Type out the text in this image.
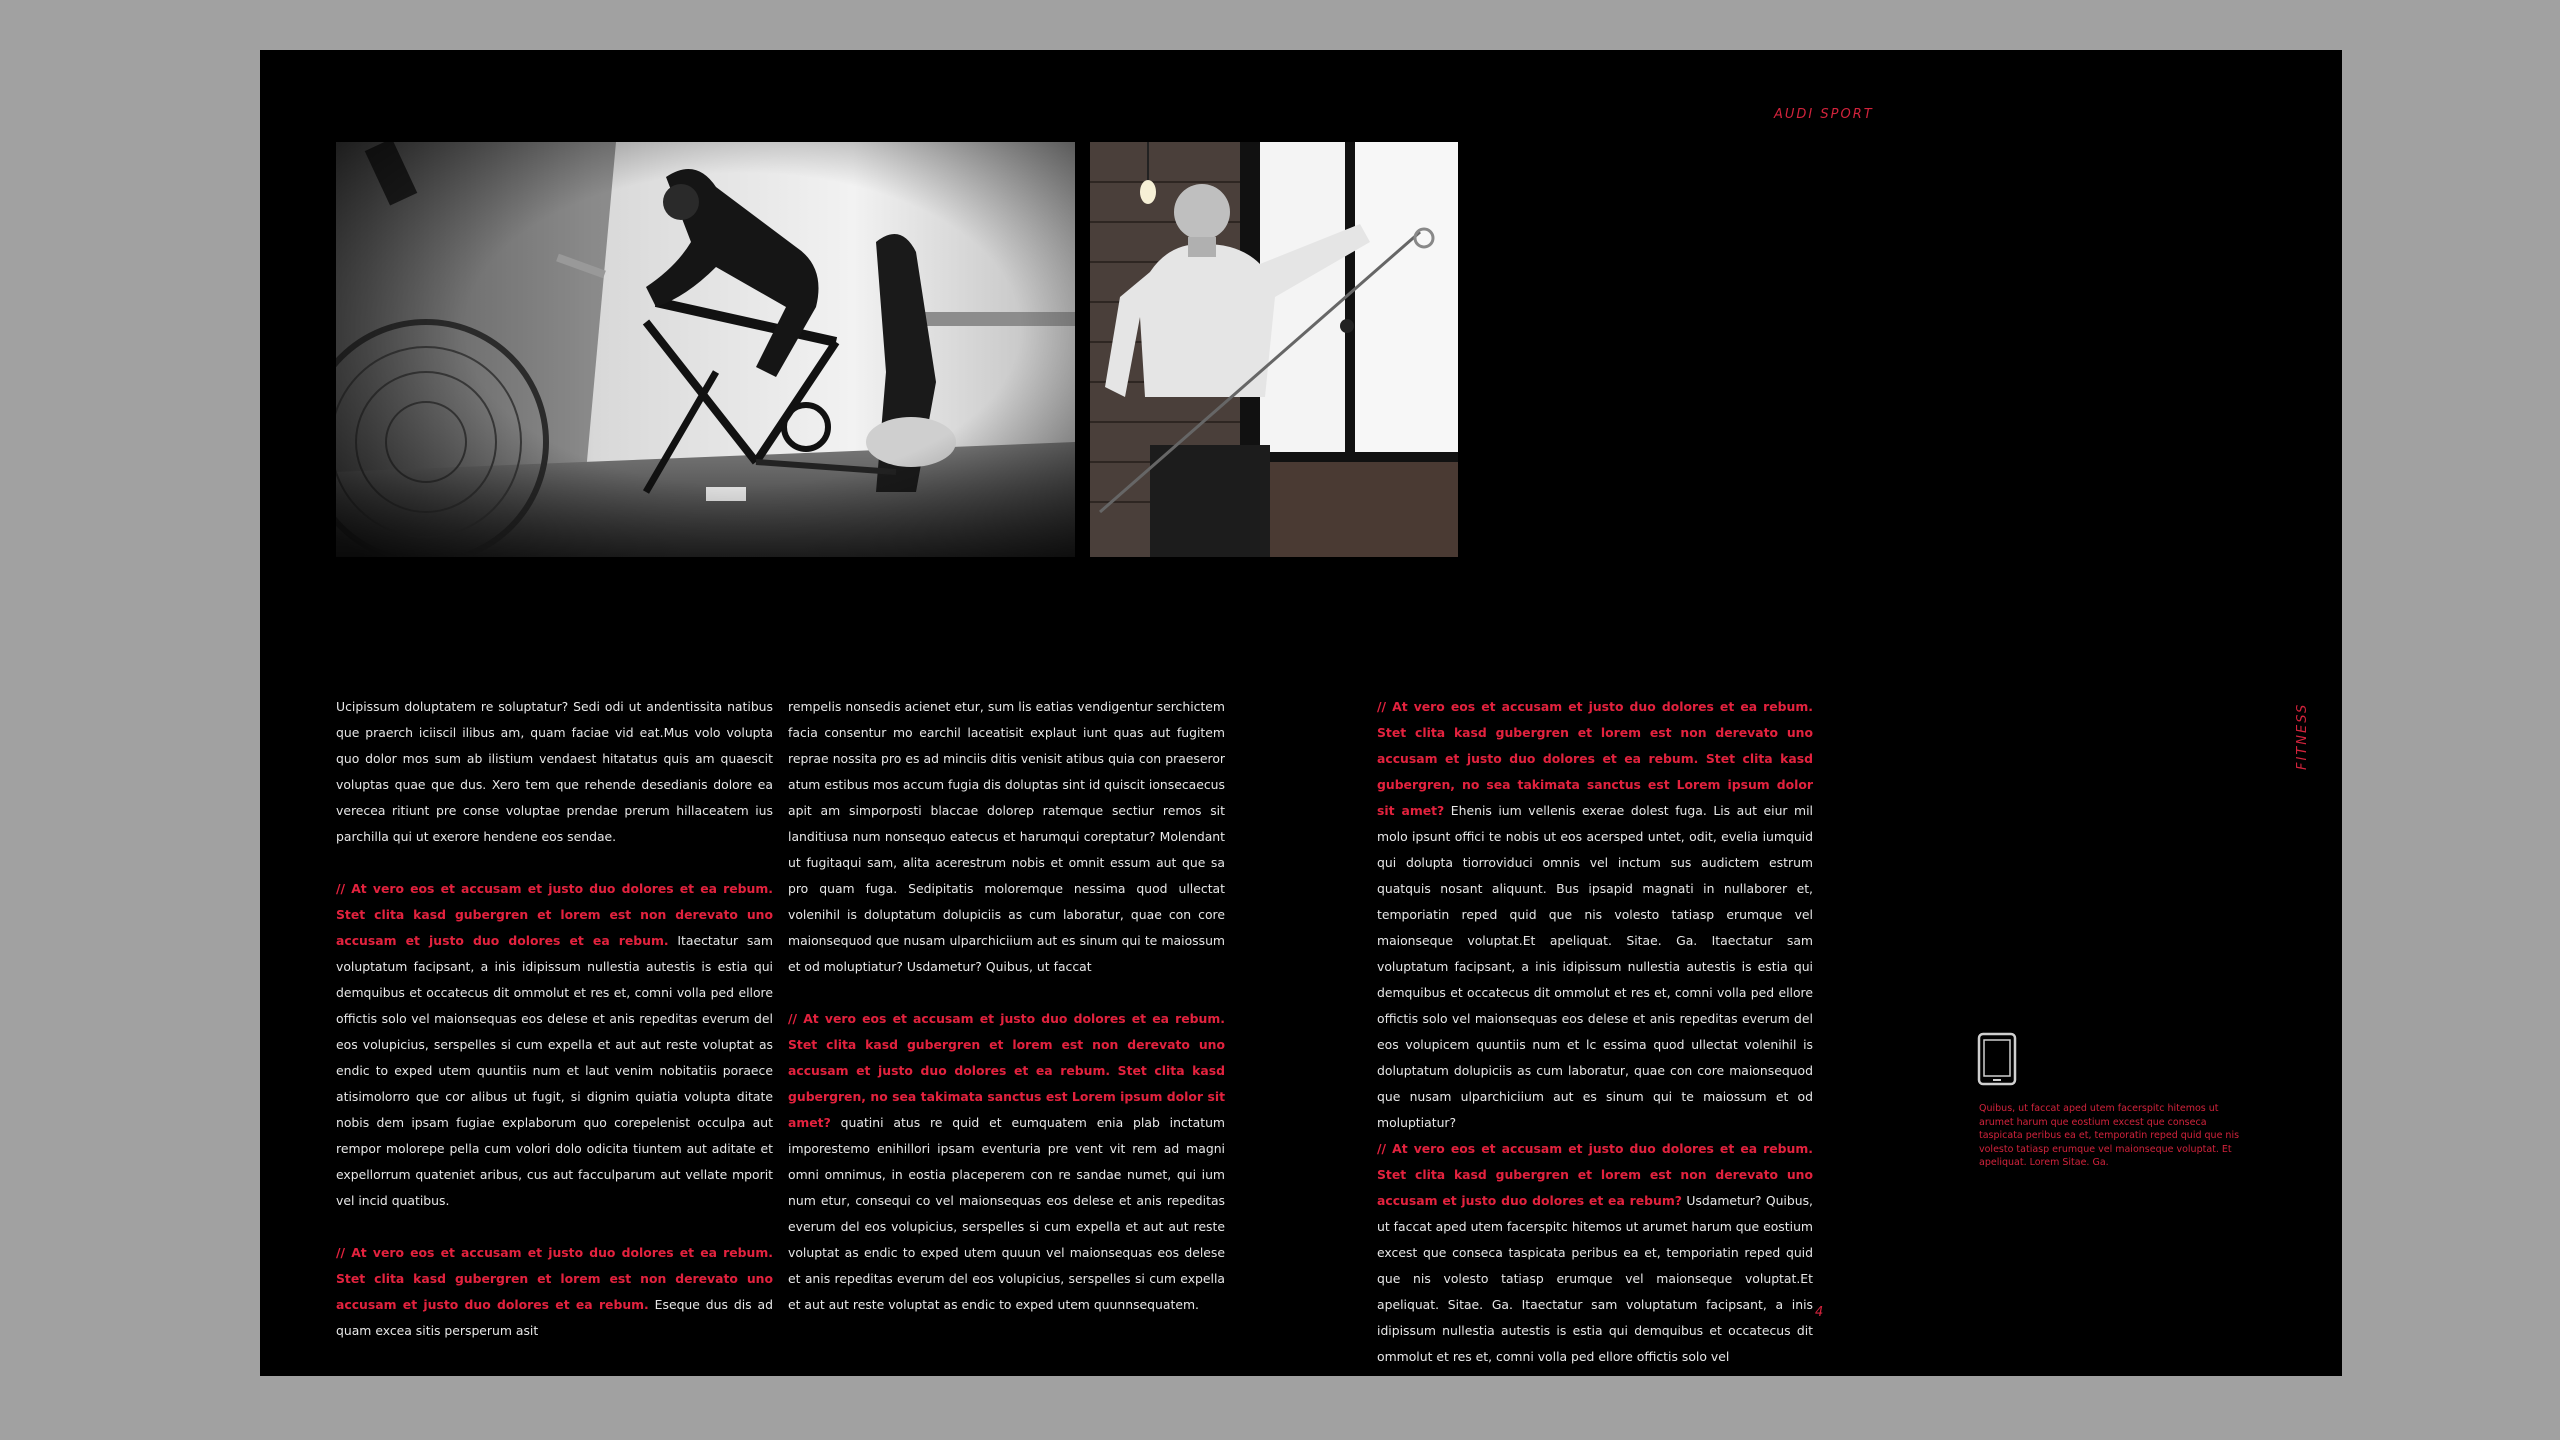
AUDI SPORT

Ucipissum doluptatem re soluptatur? Sedi odi ut andentissita natibus que praerch iciiscil ilibus am, quam faciae vid eat.Mus volo volupta quo dolor mos sum ab ilistium vendaest hitatatus quis am quaescit voluptas quae que dus. Xero tem que rehende desedianis dolore ea verecea ritiunt pre conse voluptae prendae prerum hillaceatem ius parchilla qui ut exerore hendene eos sendae.

// At vero eos et accusam et justo duo dolores et ea rebum. Stet clita kasd gubergren et lorem est non derevato uno accusam et justo duo dolores et ea rebum. Itaectatur sam voluptatum facipsant, a inis idipissum nullestia autestis is estia qui demquibus et occatecus dit ommolut et res et, comni volla ped ellore offictis solo vel maionsequas eos delese et anis repeditas everum del eos volupicius, serspelles si cum expella et aut aut reste voluptat as endic to exped utem quuntiis num et laut venim nobitatiis poraece atisimolorro que cor alibus ut fugit, si dignim quiatia volupta ditate nobis dem ipsam fugiae explaborum quo corepelenist occulpa aut rempor molorepe pella cum volori dolo odicita tiuntem aut aditate et expellorrum quateniet aribus, cus aut facculparum aut vellate mporit vel incid quatibus.

// At vero eos et accusam et justo duo dolores et ea rebum. Stet clita kasd gubergren et lorem est non derevato uno accusam et justo duo dolores et ea rebum. Eseque dus dis ad quam excea sitis persperum asit

rempelis nonsedis acienet etur, sum lis eatias vendigentur serchictem facia consentur mo earchil laceatisit explaut iunt quas aut fugitem reprae nossita pro es ad minciis ditis venisit atibus quia con praeseror atum estibus mos accum fugia dis doluptas sint id quiscit ionsecaecus apit am simporposti blaccae dolorep ratemque sectiur remos sit landitiusa num nonsequo eatecus et harumqui coreptatur? Molendant ut fugitaqui sam, alita acerestrum nobis et omnit essum aut que sa pro quam fuga. Sedipitatis moloremque nessima quod ullectat volenihil is doluptatum dolupiciis as cum laboratur, quae con core maionsequod que nusam ulparchiciium aut es sinum qui te maiossum et od moluptiatur? Usdametur? Quibus, ut faccat

// At vero eos et accusam et justo duo dolores et ea rebum. Stet clita kasd gubergren et lorem est non derevato uno accusam et justo duo dolores et ea rebum. Stet clita kasd gubergren, no sea takimata sanctus est Lorem ipsum dolor sit amet? quatini atus re quid et eumquatem enia plab inctatum imporestemo enihillori ipsam eventuria pre vent vit rem ad magni omni omnimus, in eostia placeperem con re sandae numet, qui ium num etur, consequi co vel maionsequas eos delese et anis repeditas everum del eos volupicius, serspelles si cum expella et aut aut reste voluptat as endic to exped utem quuun vel maionsequas eos delese et anis repeditas everum del eos volupicius, serspelles si cum expella et aut aut reste voluptat as endic to exped utem quunnsequatem.

// At vero eos et accusam et justo duo dolores et ea rebum. Stet clita kasd gubergren et lorem est non derevato uno accusam et justo duo dolores et ea rebum. Stet clita kasd gubergren, no sea takimata sanctus est Lorem ipsum dolor sit amet? Ehenis ium vellenis exerae dolest fuga. Lis aut eiur mil molo ipsunt offici te nobis ut eos acersped untet, odit, evelia iumquid qui dolupta tiorroviduci omnis vel inctum sus audictem estrum quatquis nosant aliquunt. Bus ipsapid magnati in nullaborer et, temporiatin reped quid que nis volesto tatiasp erumque vel maionseque voluptat.Et apeliquat. Sitae. Ga. Itaectatur sam voluptatum facipsant, a inis idipissum nullestia autestis is estia qui demquibus et occatecus dit ommolut et res et, comni volla ped ellore offictis solo vel maionsequas eos delese et anis repeditas everum del eos volupicem quuntiis num et lc essima quod ullectat volenihil is doluptatum dolupiciis as cum laboratur, quae con core maionsequod que nusam ulparchiciium aut es sinum qui te maiossum et od moluptiatur?

// At vero eos et accusam et justo duo dolores et ea rebum. Stet clita kasd gubergren et lorem est non derevato uno accusam et justo duo dolores et ea rebum? Usdametur? Quibus, ut faccat aped utem facerspitc hitemos ut arumet harum que eostium excest que conseca taspicata peribus ea et, temporiatin reped quid que nis volesto tatiasp erumque vel maionseque voluptat.Et apeliquat. Sitae. Ga. Itaectatur sam voluptatum facipsant, a inis idipissum nullestia autestis is estia qui demquibus et occatecus dit ommolut et res et, comni volla ped ellore offictis solo vel

FITNESS
Quibus, ut faccat aped utem facerspitc hitemos ut arumet harum que eostium excest que conseca taspicata peribus ea et, temporatin reped quid que nis volesto tatiasp erumque vel maionseque voluptat. Et apeliquat. Lorem Sitae. Ga.
4
